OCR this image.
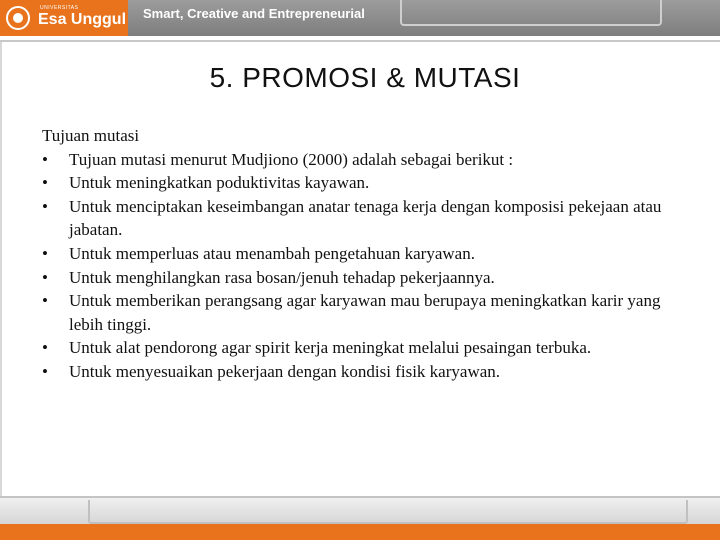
UNIVERSITAS
Esa Unggul Smart, Creative and Entrepreneurial
5. PROMOSI & MUTASI
Tujuan mutasi
•	Tujuan mutasi menurut Mudjiono (2000) adalah sebagai berikut :
•	Untuk meningkatkan poduktivitas kayawan.
•	Untuk menciptakan keseimbangan anatar tenaga kerja dengan komposisi pekejaan atau jabatan.
•	Untuk memperluas atau menambah pengetahuan karyawan.
•	Untuk menghilangkan rasa bosan/jenuh tehadap pekerjaannya.
•	Untuk memberikan perangsang agar karyawan mau berupaya meningkatkan karir yang lebih tinggi.
•	Untuk alat pendorong agar spirit kerja meningkat melalui pesaingan terbuka.
•	Untuk menyesuaikan pekerjaan dengan kondisi fisik karyawan.
